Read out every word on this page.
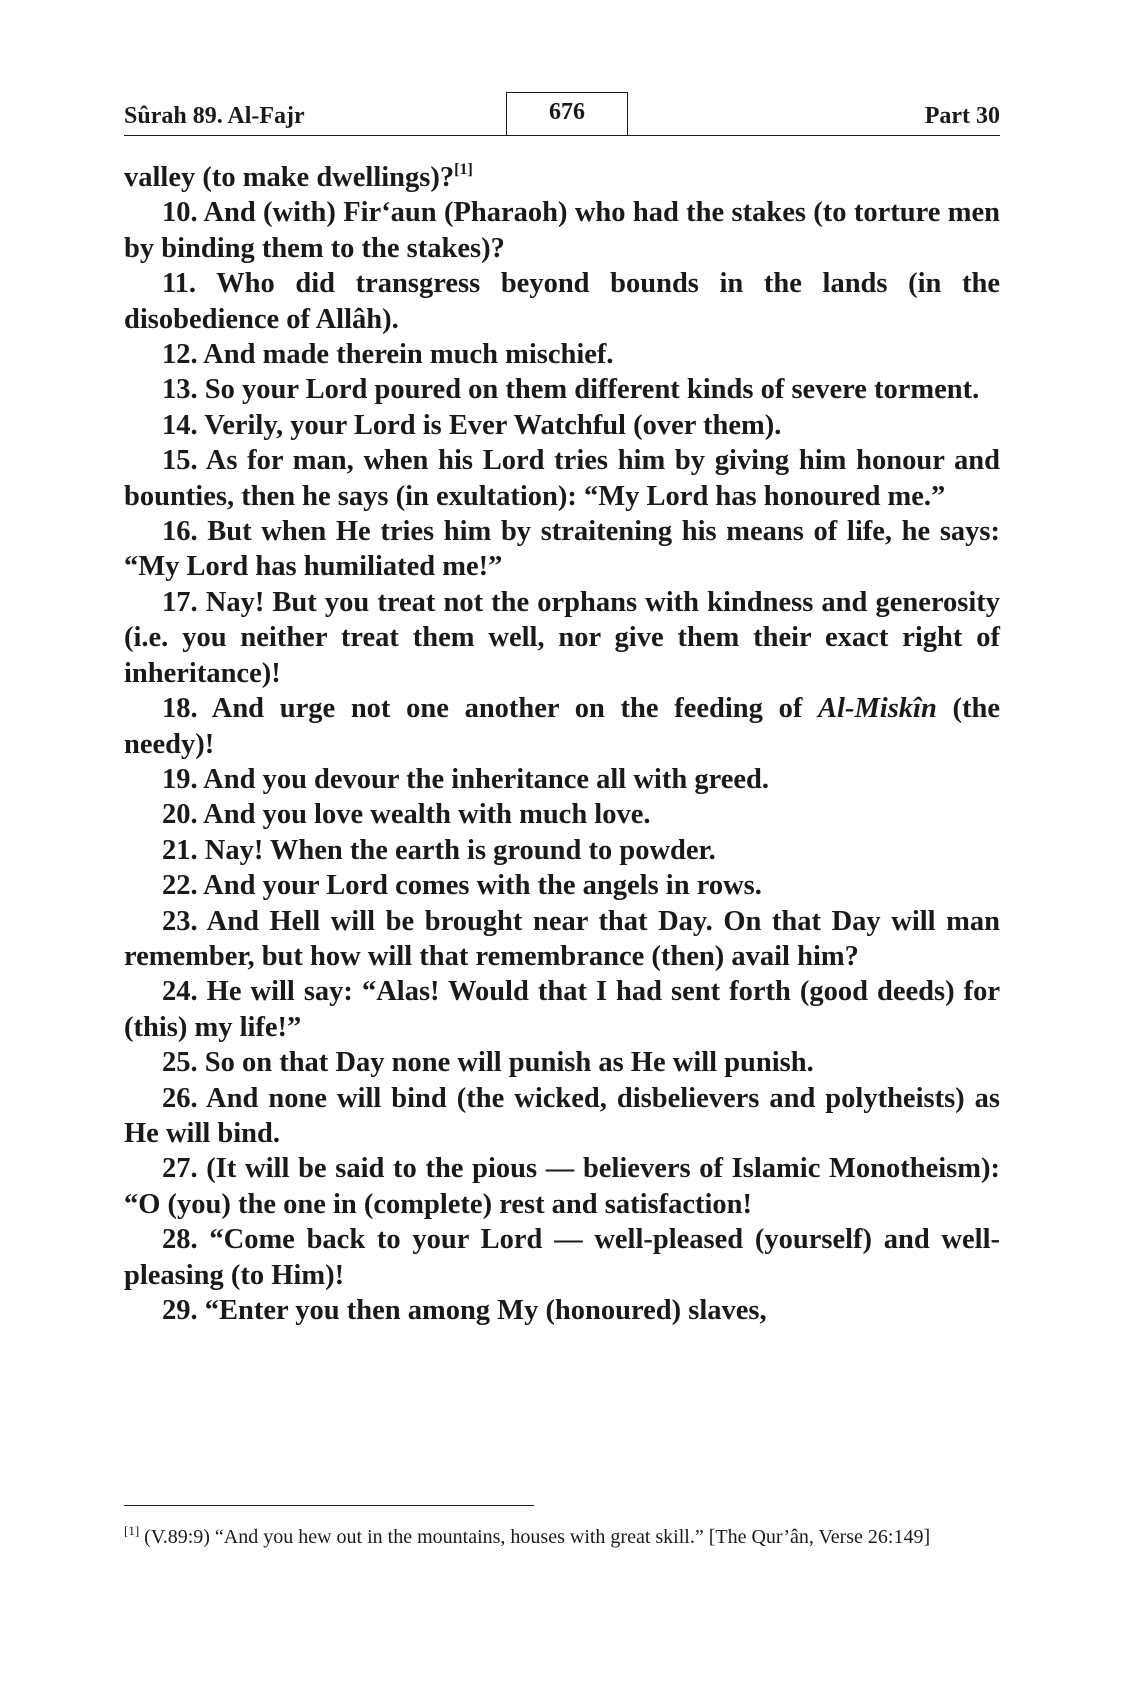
Sûrah 89. Al-Fajr	676	Part 30

valley (to make dwellings)?[1]

10. And (with) Fir‘aun (Pharaoh) who had the stakes (to torture men by binding them to the stakes)?

11. Who did transgress beyond bounds in the lands (in the disobedience of Allâh).

12. And made therein much mischief.

13. So your Lord poured on them different kinds of severe torment.

14. Verily, your Lord is Ever Watchful (over them).

15. As for man, when his Lord tries him by giving him honour and bounties, then he says (in exultation): “My Lord has honoured me.”

16. But when He tries him by straitening his means of life, he says: “My Lord has humiliated me!”

17. Nay! But you treat not the orphans with kindness and generosity (i.e. you neither treat them well, nor give them their exact right of inheritance)!

18. And urge not one another on the feeding of Al-Miskîn (the needy)!

19. And you devour the inheritance all with greed.

20. And you love wealth with much love.

21. Nay! When the earth is ground to powder.

22. And your Lord comes with the angels in rows.

23. And Hell will be brought near that Day. On that Day will man remember, but how will that remembrance (then) avail him?

24. He will say: “Alas! Would that I had sent forth (good deeds) for (this) my life!”

25. So on that Day none will punish as He will punish.

26. And none will bind (the wicked, disbelievers and polytheists) as He will bind.

27. (It will be said to the pious — believers of Islamic Monotheism): “O (you) the one in (complete) rest and satisfaction!

28. “Come back to your Lord — well-pleased (yourself) and well-pleasing (to Him)!

29. “Enter you then among My (honoured) slaves,

[1] (V.89:9) “And you hew out in the mountains, houses with great skill.” [The Qur’ân, Verse 26:149]
